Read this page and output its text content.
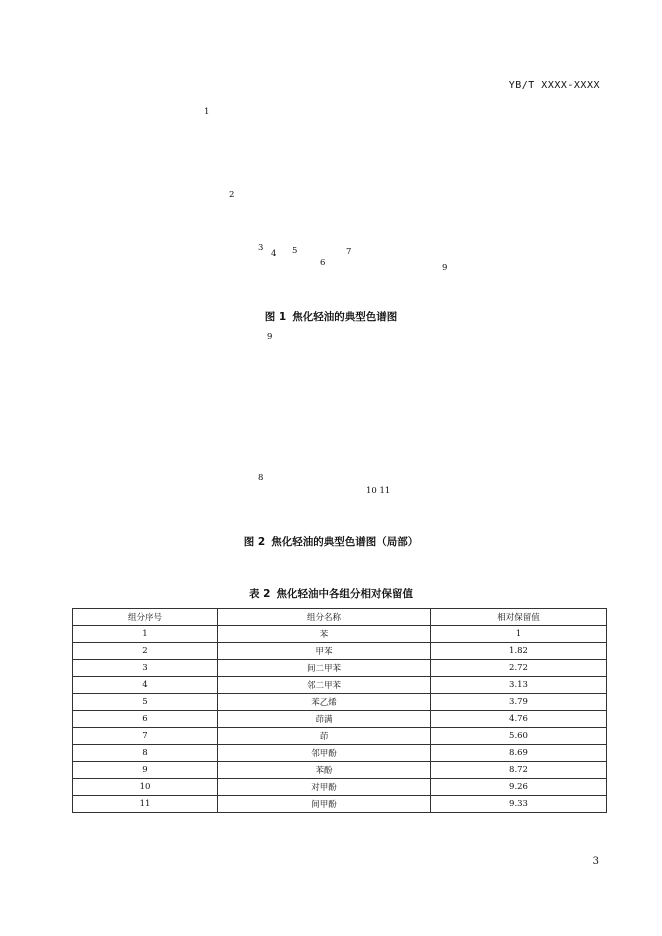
YB/T XXXX-XXXX
1
2
3
4 5
6
7
9
图 1 焦化轻油的典型色谱图
9
8
10 11
图 2 焦化轻油的典型色谱图（局部）
表 2 焦化轻油中各组分相对保留值
组分序号	组分名称	相对保留值
1	苯	1
2	甲苯	1.82
3	间二甲苯	2.72
4	邻二甲苯	3.13
5	苯乙烯	3.79
6	茚满	4.76
7	茚	5.60
8	邻甲酚	8.69
9	苯酚	8.72
10	对甲酚	9.26
11	间甲酚	9.33
3
